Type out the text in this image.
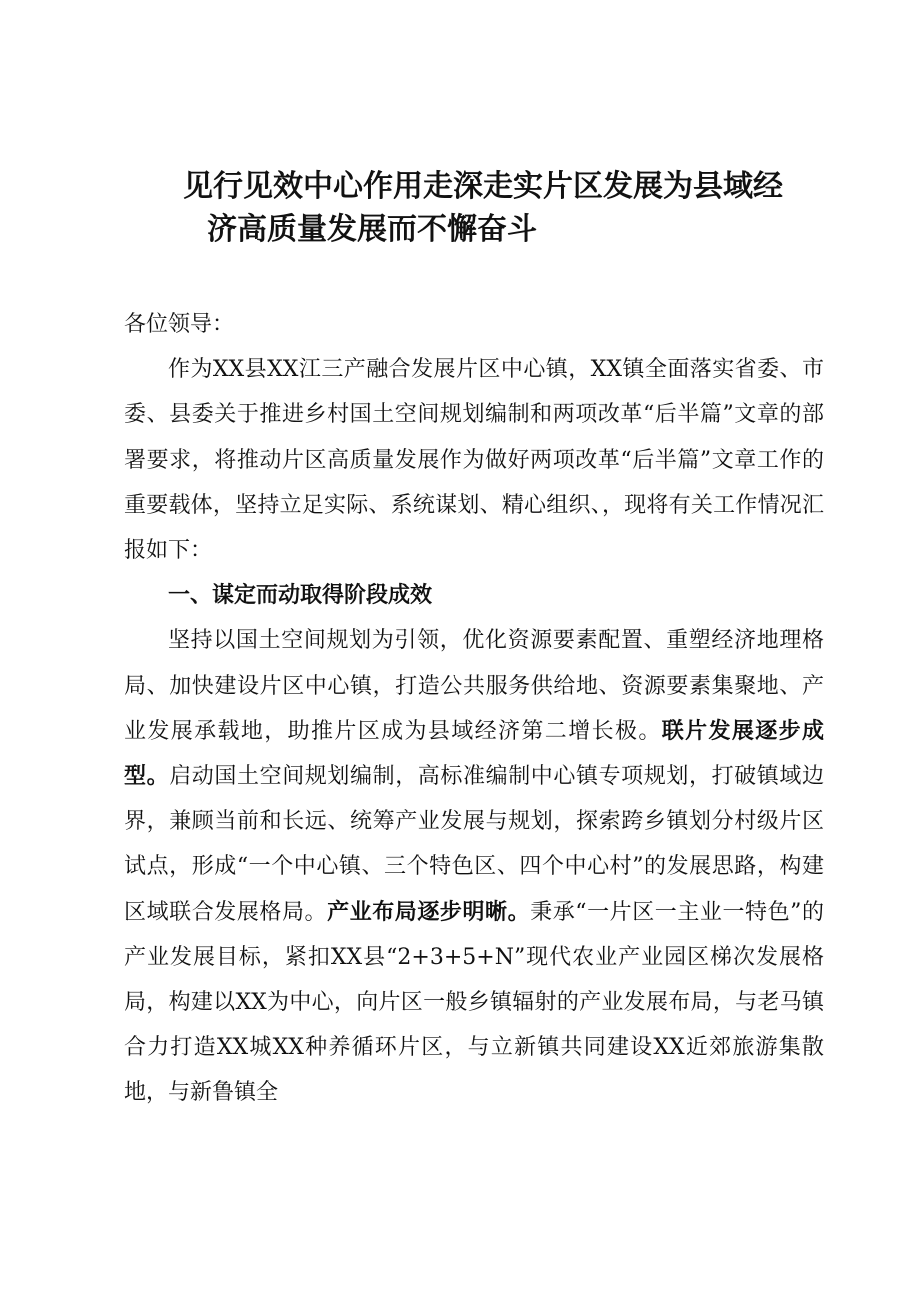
见行见效中心作用走深走实片区发展为县域经
济高质量发展而不懈奋斗

各位领导：

作为XX县XX江三产融合发展片区中心镇，XX镇全面落实省委、市委、县委关于推进乡村国土空间规划编制和两项改革“后半篇”文章的部署要求，将推动片区高质量发展作为做好两项改革“后半篇”文章工作的重要载体，坚持立足实际、系统谋划、精心组织、，现将有关工作情况汇报如下：

一、谋定而动取得阶段成效

坚持以国土空间规划为引领，优化资源要素配置、重塑经济地理格局、加快建设片区中心镇，打造公共服务供给地、资源要素集聚地、产业发展承载地，助推片区成为县域经济第二增长极。联片发展逐步成型。启动国土空间规划编制，高标准编制中心镇专项规划，打破镇域边界，兼顾当前和长远、统筹产业发展与规划，探索跨乡镇划分村级片区试点，形成“一个中心镇、三个特色区、四个中心村”的发展思路，构建区域联合发展格局。产业布局逐步明晰。秉承“一片区一主业一特色”的产业发展目标，紧扣XX县“2+3+5+N”现代农业产业园区梯次发展格局，构建以XX为中心，向片区一般乡镇辐射的产业发展布局，与老马镇合力打造XX城XX种养循环片区，与立新镇共同建设XX近郊旅游集散地，与新鲁镇全
